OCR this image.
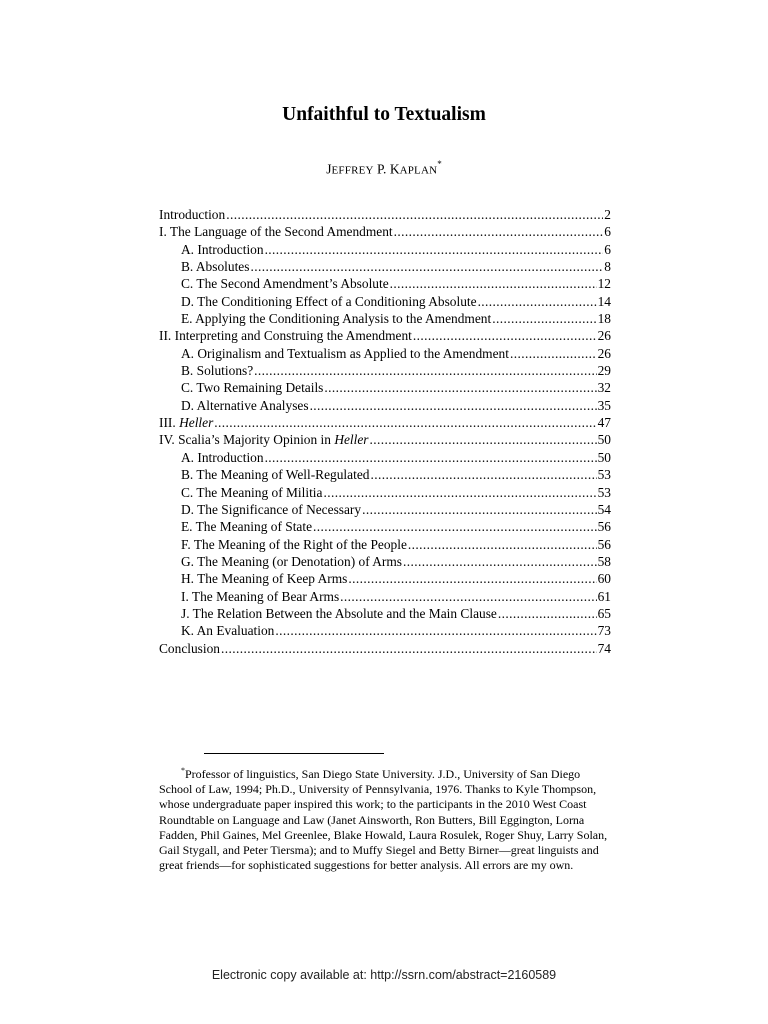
Unfaithful to Textualism
JEFFREY P. KAPLAN*
Introduction .....	2
I. The Language of the Second Amendment .....	6
A. Introduction .....	6
B. Absolutes .....	8
C. The Second Amendment’s Absolute .....	12
D. The Conditioning Effect of a Conditioning Absolute .....	14
E. Applying the Conditioning Analysis to the Amendment .....	18
II. Interpreting and Construing the Amendment .....	26
A. Originalism and Textualism as Applied to the Amendment .....	26
B. Solutions? .....	29
C. Two Remaining Details .....	32
D. Alternative Analyses .....	35
III. Heller .....	47
IV. Scalia’s Majority Opinion in Heller .....	50
A. Introduction .....	50
B. The Meaning of Well-Regulated .....	53
C. The Meaning of Militia .....	53
D. The Significance of Necessary .....	54
E. The Meaning of State .....	56
F. The Meaning of the Right of the People .....	56
G. The Meaning (or Denotation) of Arms .....	58
H. The Meaning of Keep Arms .....	60
I. The Meaning of Bear Arms .....	61
J. The Relation Between the Absolute and the Main Clause .....	65
K. An Evaluation .....	73
Conclusion .....	74
*Professor of linguistics, San Diego State University. J.D., University of San Diego School of Law, 1994; Ph.D., University of Pennsylvania, 1976. Thanks to Kyle Thompson, whose undergraduate paper inspired this work; to the participants in the 2010 West Coast Roundtable on Language and Law (Janet Ainsworth, Ron Butters, Bill Eggington, Lorna Fadden, Phil Gaines, Mel Greenlee, Blake Howald, Laura Rosulek, Roger Shuy, Larry Solan, Gail Stygall, and Peter Tiersma); and to Muffy Siegel and Betty Birner—great linguists and great friends—for sophisticated suggestions for better analysis. All errors are my own.
Electronic copy available at: http://ssrn.com/abstract=2160589
